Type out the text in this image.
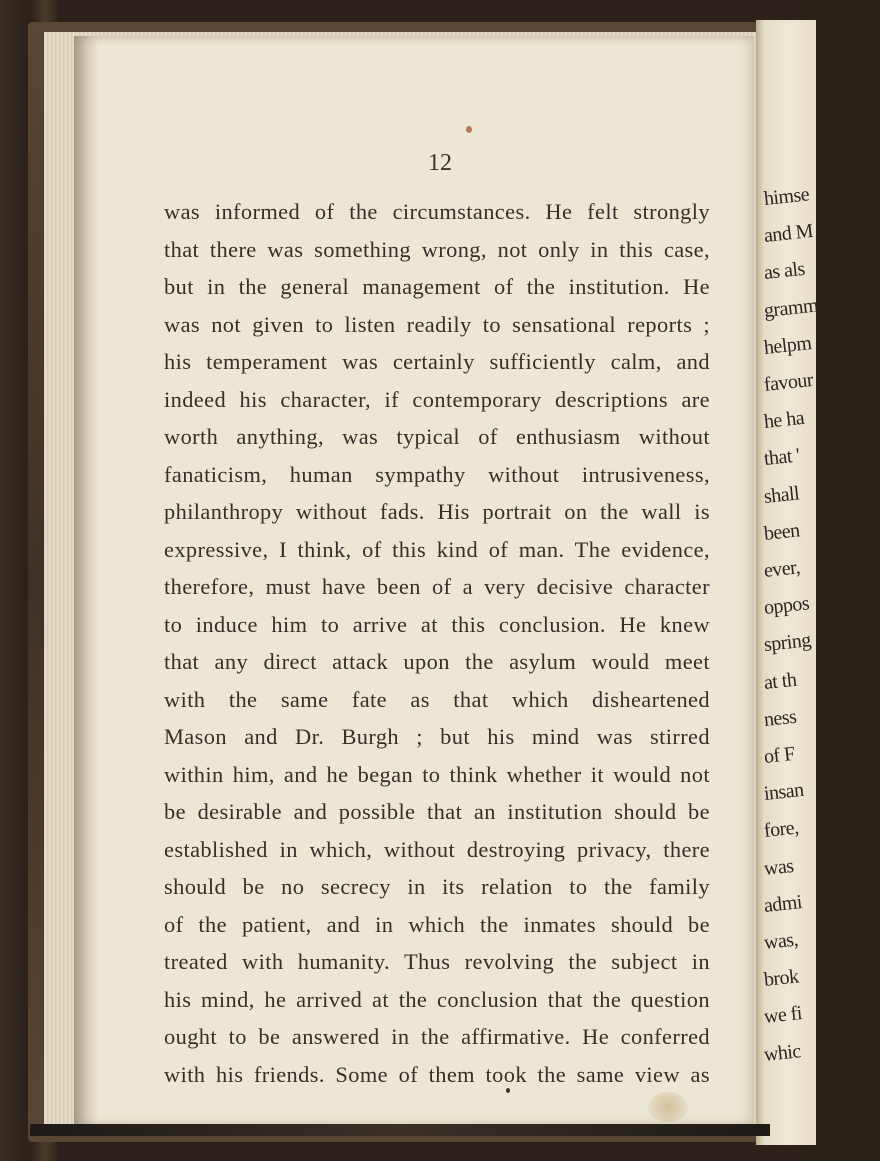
12
was informed of the circumstances. He felt strongly
that there was something wrong, not only in this case,
but in the general management of the institution. He
was not given to listen readily to sensational reports ;
his temperament was certainly sufficiently calm, and
indeed his character, if contemporary descriptions are
worth anything, was typical of enthusiasm without
fanaticism, human sympathy without intrusiveness,
philanthropy without fads. His portrait on the wall is
expressive, I think, of this kind of man. The evidence,
therefore, must have been of a very decisive character
to induce him to arrive at this conclusion. He knew
that any direct attack upon the asylum would meet
with the same fate as that which disheartened
Mason and Dr. Burgh ; but his mind was stirred
within him, and he began to think whether it would not
be desirable and possible that an institution should be
established in which, without destroying privacy, there
should be no secrecy in its relation to the family
of the patient, and in which the inmates should be
treated with humanity. Thus revolving the subject in
his mind, he arrived at the conclusion that the question
ought to be answered in the affirmative. He conferred
with his friends. Some of them took the same view as
himse
and M
as als
gramm
helpm
favour
he ha
that '
shall
been
ever,
oppos
spring
at th
ness
of F
insan
fore,
was
admi
was,
brok
we fi
whic
